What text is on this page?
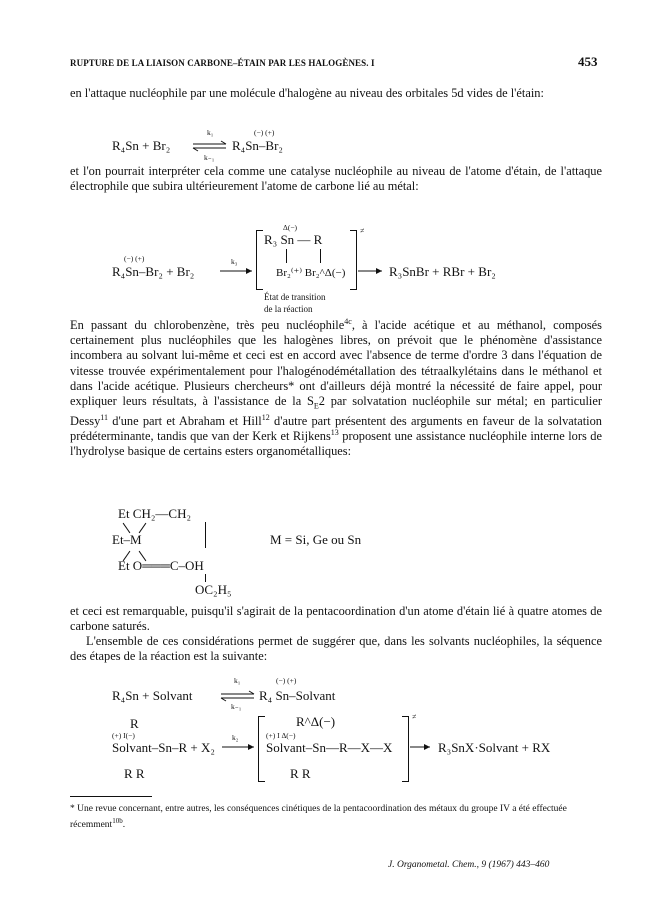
RUPTURE DE LA LIAISON CARBONE–ÉTAIN PAR LES HALOGÈNES. I	453

en l'attaque nucléophile par une molécule d'halogène au niveau des orbitales 5d vides de l'étain:

R₄Sn + Br₂
k₁
k₋₁
(−) (+)
R₄Sn–Br₂

et l'on pourrait interpréter cela comme une catalyse nucléophile au niveau de l'atome d'étain, de l'attaque électrophile que subira ultérieurement l'atome de carbone lié au métal:

(−) (+)
R₄Sn–Br₂ + Br₂
k₃
Δ(−)
R₃ Sn — R
Br₂⁽⁺⁾ Br₂^Δ(−)
≠
État de transition
de la réaction
R₃SnBr + RBr + Br₂

En passant du chlorobenzène, très peu nucléophile$^{4c}$, à l'acide acétique et au méthanol, composés certainement plus nucléophiles que les halogènes libres, on prévoit que le phénomène d'assistance incombera au solvant lui-même et ceci est en accord avec l'absence de terme d'ordre 3 dans l'équation de vitesse trouvée expérimentalement pour l'halogénodémétallation des tétraalkylétains dans le méthanol et dans l'acide acétique. Plusieurs chercheurs* ont d'ailleurs déjà montré la nécessité de faire appel, pour expliquer leurs résultats, à l'assistance de la $S_E2$ par solvatation nucléophile sur métal; en particulier Dessy$^{11}$ d'une part et Abraham et Hill$^{12}$ d'autre part présentent des arguments en faveur de la solvatation prédéterminante, tandis que van der Kerk et Rijkens$^{13}$ proposent une assistance nucléophile interne lors de l'hydrolyse basique de certains esters organométalliques:

Et CH₂—CH₂
Et–M
Et O═══C–OH
OC₂H₅
M = Si, Ge ou Sn

et ceci est remarquable, puisqu'il s'agirait de la pentacoordination d'un atome d'étain lié à quatre atomes de carbone saturés.

L'ensemble de ces considérations permet de suggérer que, dans les solvants nucléophiles, la séquence des étapes de la réaction est la suivante:

R₄Sn + Solvant
k₁
k₋₁
(−) (+)
R₄ Sn–Solvant
R
(+) I(−)
Solvant–Sn–R + X₂
R R
k₂
R^Δ(−)
(+) I Δ(−)
Solvant–Sn—R—X—X
R R
≠
→ R₃SnX·Solvant + RX

* Une revue concernant, entre autres, les conséquences cinétiques de la pentacoordination des métaux du groupe IV a été effectuée récemment$^{10b}$.

J. Organometal. Chem., 9 (1967) 443–460
